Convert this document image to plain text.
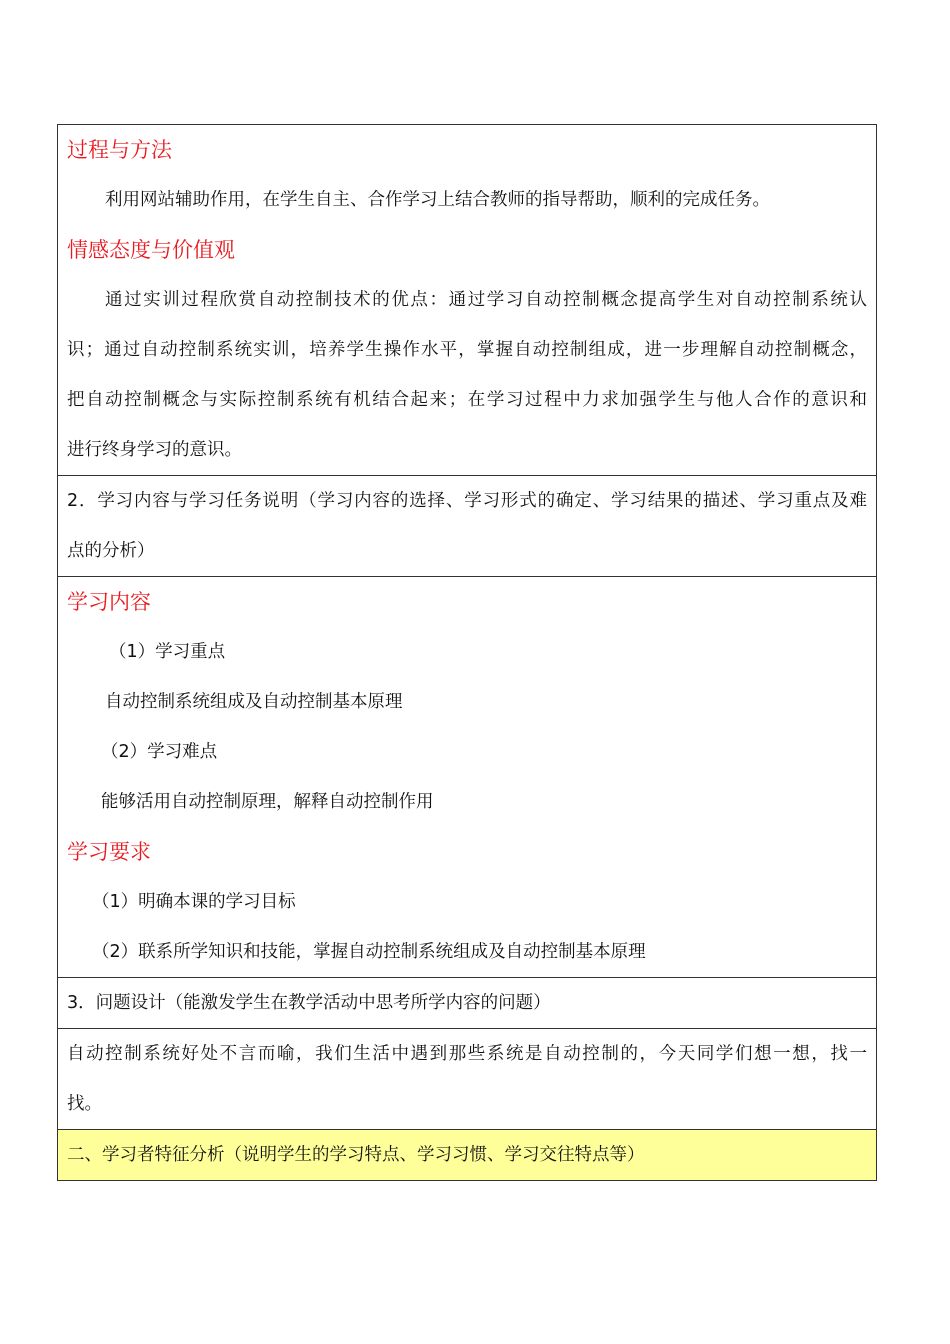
过程与方法
利用网站辅助作用，在学生自主、合作学习上结合教师的指导帮助，顺利的完成任务。
情感态度与价值观
通过实训过程欣赏自动控制技术的优点：通过学习自动控制概念提高学生对自动控制系统认
识；通过自动控制系统实训，培养学生操作水平，掌握自动控制组成，进一步理解自动控制概念，
把自动控制概念与实际控制系统有机结合起来；在学习过程中力求加强学生与他人合作的意识和
进行终身学习的意识。
2．学习内容与学习任务说明（学习内容的选择、学习形式的确定、学习结果的描述、学习重点及难
点的分析）
学习内容
（1）学习重点
自动控制系统组成及自动控制基本原理
（2）学习难点
能够活用自动控制原理，解释自动控制作用
学习要求
（1）明确本课的学习目标
（2）联系所学知识和技能，掌握自动控制系统组成及自动控制基本原理
3．问题设计（能激发学生在教学活动中思考所学内容的问题）
自动控制系统好处不言而喻，我们生活中遇到那些系统是自动控制的，今天同学们想一想，找一
找。
二、学习者特征分析（说明学生的学习特点、学习习惯、学习交往特点等）
